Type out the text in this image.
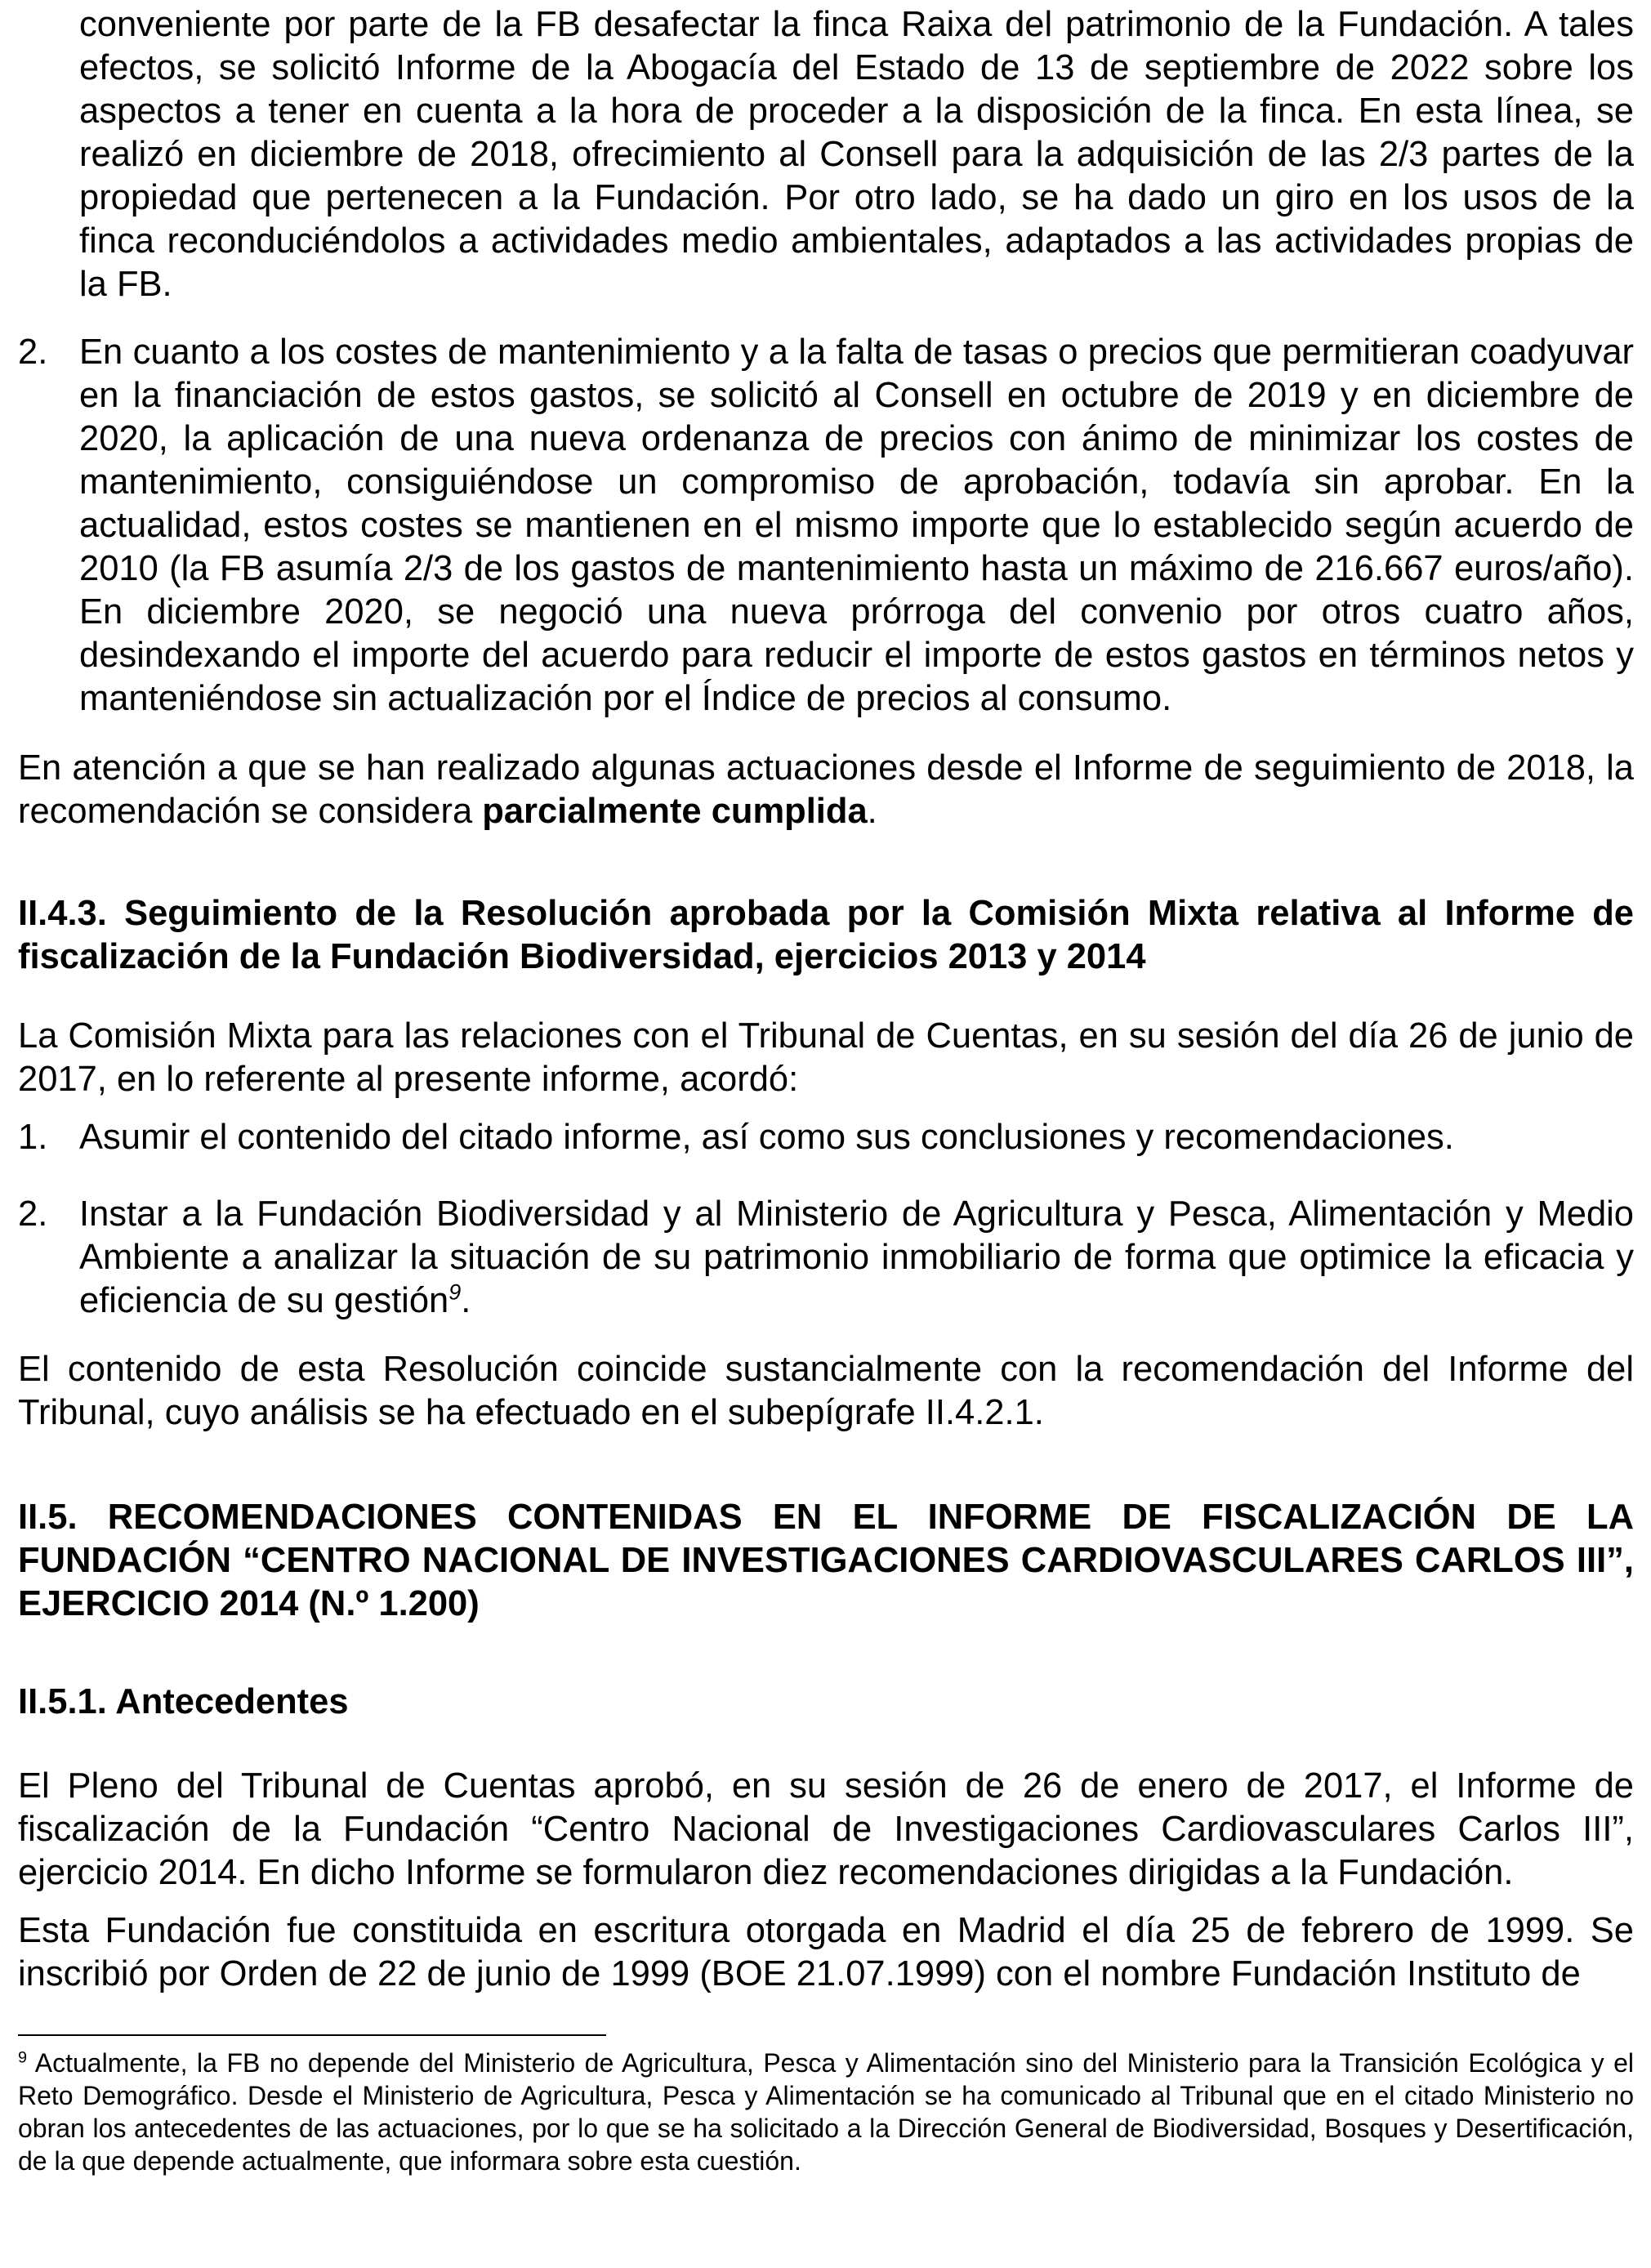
conveniente por parte de la FB desafectar la finca Raixa del patrimonio de la Fundación. A tales efectos, se solicitó Informe de la Abogacía del Estado de 13 de septiembre de 2022 sobre los aspectos a tener en cuenta a la hora de proceder a la disposición de la finca. En esta línea, se realizó en diciembre de 2018, ofrecimiento al Consell para la adquisición de las 2/3 partes de la propiedad que pertenecen a la Fundación. Por otro lado, se ha dado un giro en los usos de la finca reconduciéndolos a actividades medio ambientales, adaptados a las actividades propias de la FB.

2. En cuanto a los costes de mantenimiento y a la falta de tasas o precios que permitieran coadyuvar en la financiación de estos gastos, se solicitó al Consell en octubre de 2019 y en diciembre de 2020, la aplicación de una nueva ordenanza de precios con ánimo de minimizar los costes de mantenimiento, consiguiéndose un compromiso de aprobación, todavía sin aprobar. En la actualidad, estos costes se mantienen en el mismo importe que lo establecido según acuerdo de 2010 (la FB asumía 2/3 de los gastos de mantenimiento hasta un máximo de 216.667 euros/año). En diciembre 2020, se negoció una nueva prórroga del convenio por otros cuatro años, desindexando el importe del acuerdo para reducir el importe de estos gastos en términos netos y manteniéndose sin actualización por el Índice de precios al consumo.

En atención a que se han realizado algunas actuaciones desde el Informe de seguimiento de 2018, la recomendación se considera parcialmente cumplida.

II.4.3. Seguimiento de la Resolución aprobada por la Comisión Mixta relativa al Informe de fiscalización de la Fundación Biodiversidad, ejercicios 2013 y 2014

La Comisión Mixta para las relaciones con el Tribunal de Cuentas, en su sesión del día 26 de junio de 2017, en lo referente al presente informe, acordó:

1. Asumir el contenido del citado informe, así como sus conclusiones y recomendaciones.

2. Instar a la Fundación Biodiversidad y al Ministerio de Agricultura y Pesca, Alimentación y Medio Ambiente a analizar la situación de su patrimonio inmobiliario de forma que optimice la eficacia y eficiencia de su gestión$^9$.

El contenido de esta Resolución coincide sustancialmente con la recomendación del Informe del Tribunal, cuyo análisis se ha efectuado en el subepígrafe II.4.2.1.

II.5. RECOMENDACIONES CONTENIDAS EN EL INFORME DE FISCALIZACIÓN DE LA FUNDACIÓN “CENTRO NACIONAL DE INVESTIGACIONES CARDIOVASCULARES CARLOS III”, EJERCICIO 2014 (N.º 1.200)

II.5.1. Antecedentes

El Pleno del Tribunal de Cuentas aprobó, en su sesión de 26 de enero de 2017, el Informe de fiscalización de la Fundación “Centro Nacional de Investigaciones Cardiovasculares Carlos III”, ejercicio 2014. En dicho Informe se formularon diez recomendaciones dirigidas a la Fundación.

Esta Fundación fue constituida en escritura otorgada en Madrid el día 25 de febrero de 1999. Se inscribió por Orden de 22 de junio de 1999 (BOE 21.07.1999) con el nombre Fundación Instituto de

$^9$ Actualmente, la FB no depende del Ministerio de Agricultura, Pesca y Alimentación sino del Ministerio para la Transición Ecológica y el Reto Demográfico. Desde el Ministerio de Agricultura, Pesca y Alimentación se ha comunicado al Tribunal que en el citado Ministerio no obran los antecedentes de las actuaciones, por lo que se ha solicitado a la Dirección General de Biodiversidad, Bosques y Desertificación, de la que depende actualmente, que informara sobre esta cuestión.
